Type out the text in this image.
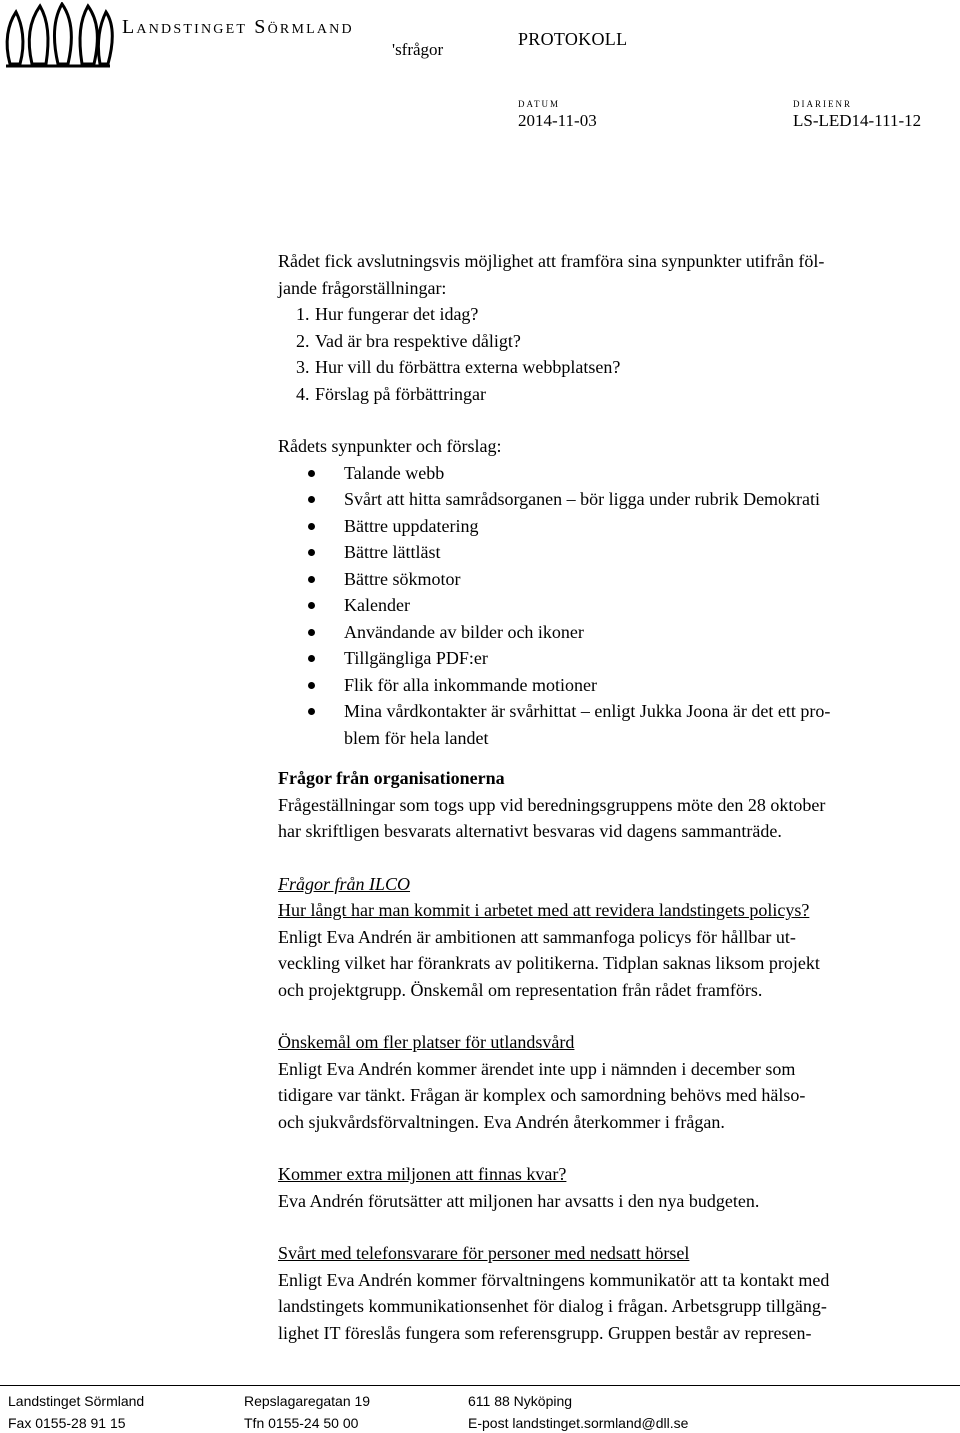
Landstinget Sörmland
'sfrågor
PROTOKOLL
DATUM
2014-11-03
DIARIENR
LS-LED14-111-12

Rådet fick avslutningsvis möjlighet att framföra sina synpunkter utifrån föl-

jande frågorställningar:

1. Hur fungerar det idag?
2. Vad är bra respektive dåligt?
3. Hur vill du förbättra externa webbplatsen?
4. Förslag på förbättringar

Rådets synpunkter och förslag:

Talande webb
Svårt att hitta samrådsorganen – bör ligga under rubrik Demokrati
Bättre uppdatering
Bättre lättläst
Bättre sökmotor
Kalender
Användande av bilder och ikoner
Tillgängliga PDF:er
Flik för alla inkommande motioner
Mina vårdkontakter är svårhittat – enligt Jukka Joona är det ett pro-
blem för hela landet

Frågor från organisationerna

Frågeställningar som togs upp vid beredningsgruppens möte den 28 oktober

har skriftligen besvarats alternativt besvaras vid dagens sammanträde.

Frågor från ILCO

Hur långt har man kommit i arbetet med att revidera landstingets policys?

Enligt Eva Andrén är ambitionen att sammanfoga policys för hållbar ut-

veckling vilket har förankrats av politikerna. Tidplan saknas liksom projekt

och projektgrupp. Önskemål om representation från rådet framförs.

Önskemål om fler platser för utlandsvård

Enligt Eva Andrén kommer ärendet inte upp i nämnden i december som

tidigare var tänkt. Frågan är komplex och samordning behövs med hälso-

och sjukvårdsförvaltningen. Eva Andrén återkommer i frågan.

Kommer extra miljonen att finnas kvar?

Eva Andrén förutsätter att miljonen har avsatts i den nya budgeten.

Svårt med telefonsvarare för personer med nedsatt hörsel

Enligt Eva Andrén kommer förvaltningens kommunikatör att ta kontakt med

landstingets kommunikationsenhet för dialog i frågan. Arbetsgrupp tillgäng-

lighet IT föreslås fungera som referensgrupp. Gruppen består av represen-

Landstinget Sörmland	Repslagaregatan 19	611 88 Nyköping
Fax 0155-28 91 15	Tfn 0155-24 50 00	E-post landstinget.sormland@dll.se
